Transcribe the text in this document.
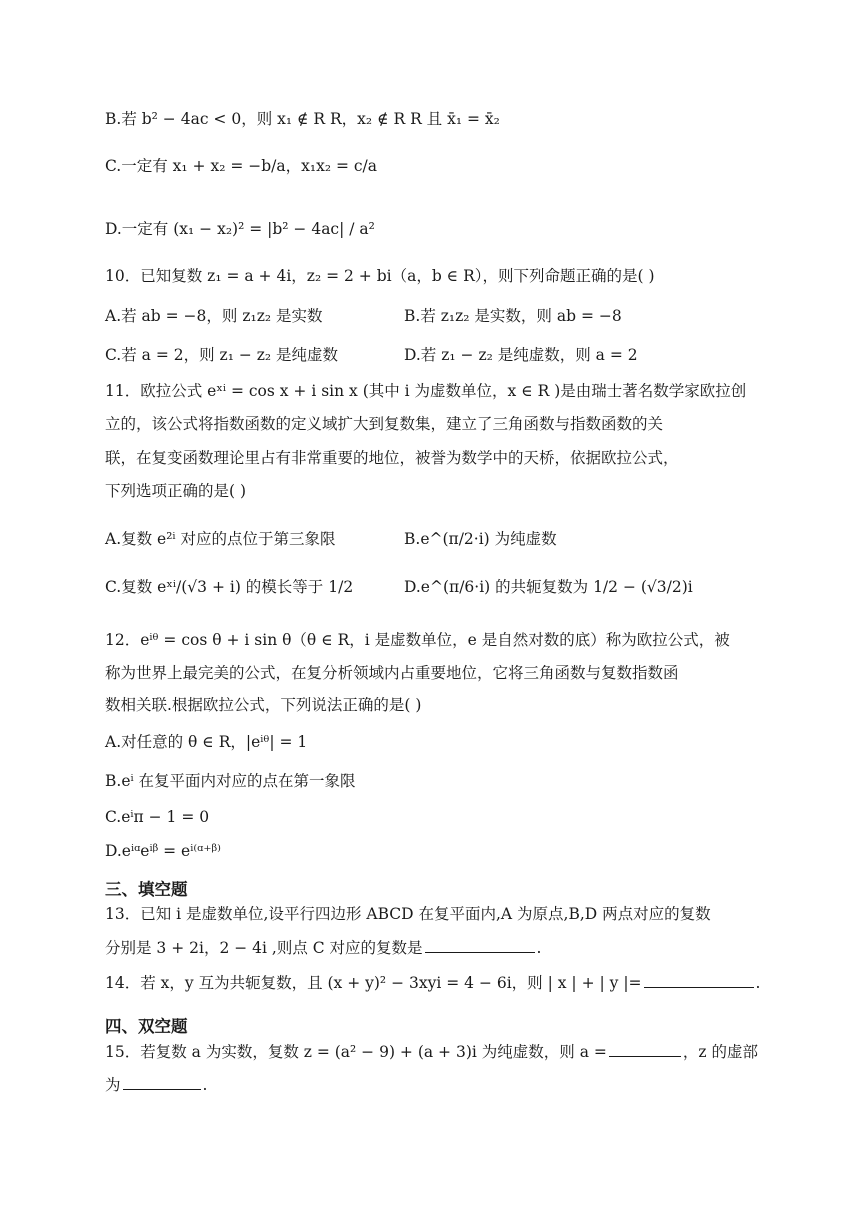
B.若 b² − 4ac < 0，则 x₁ ∉ R R，x₂ ∉ R R 且 x̄₁ = x̄₂
C.一定有 x₁ + x₂ = −b/a，x₁x₂ = c/a
D.一定有 (x₁ − x₂)² = |b² − 4ac| / a²
10．已知复数 z₁ = a + 4i，z₂ = 2 + bi（a，b ∈ R），则下列命题正确的是( )
A.若 ab = −8，则 z₁z₂ 是实数	B.若 z₁z₂ 是实数，则 ab = −8
C.若 a = 2，则 z₁ − z₂ 是纯虚数	D.若 z₁ − z₂ 是纯虚数，则 a = 2
11．欧拉公式 eˣⁱ = cos x + i sin x (其中 i 为虚数单位，x ∈ R )是由瑞士著名数学家欧拉创
立的，该公式将指数函数的定义域扩大到复数集，建立了三角函数与指数函数的关
联，在复变函数理论里占有非常重要的地位，被誉为数学中的天桥，依据欧拉公式，
下列选项正确的是( )
A.复数 e²ⁱ 对应的点位于第三象限	B.e^(π/2·i) 为纯虚数
C.复数 eˣⁱ/(√3 + i) 的模长等于 1/2	D.e^(π/6·i) 的共轭复数为 1/2 − (√3/2)i
12．eⁱᶿ = cos θ + i sin θ（θ ∈ R，i 是虚数单位，e 是自然对数的底）称为欧拉公式，被
称为世界上最完美的公式，在复分析领域内占重要地位，它将三角函数与复数指数函
数相关联.根据欧拉公式，下列说法正确的是( )
A.对任意的 θ ∈ R，|eⁱᶿ| = 1
B.eⁱ 在复平面内对应的点在第一象限
C.eⁱπ − 1 = 0
D.eⁱᵅeⁱᵝ = eⁱ⁽ᵅ⁺ᵝ⁾
三、填空题
13．已知 i 是虚数单位,设平行四边形 ABCD 在复平面内,A 为原点,B,D 两点对应的复数
分别是 3 + 2i，2 − 4i ,则点 C 对应的复数是	.
14．若 x，y 互为共轭复数，且 (x + y)² − 3xyi = 4 − 6i，则 | x | + | y |=	.
四、双空题
15．若复数 a 为实数，复数 z = (a² − 9) + (a + 3)i 为纯虚数，则 a =	，z 的虚部
为	.
